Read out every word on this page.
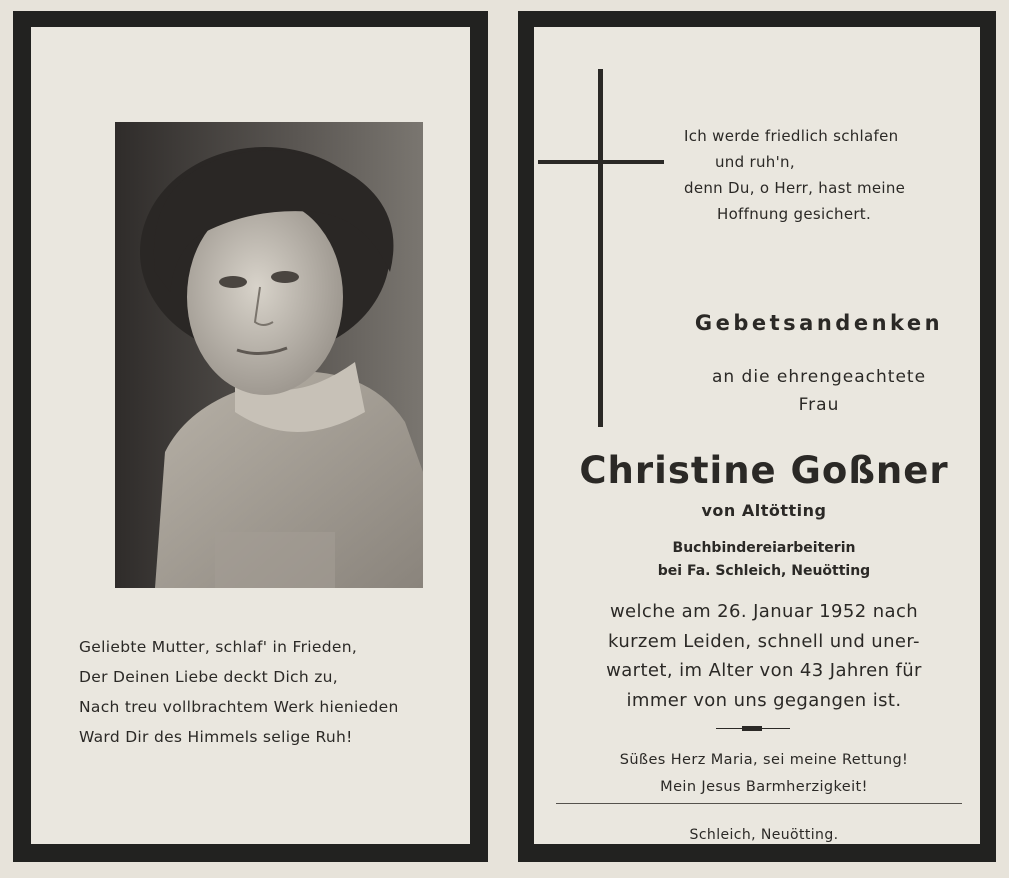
Geliebte Mutter, schlaf' in Frieden,
Der Deinen Liebe deckt Dich zu,
Nach treu vollbrachtem Werk hienieden
Ward Dir des Himmels selige Ruh!
Ich werde friedlich schlafen
und ruh'n,
denn Du, o Herr, hast meine
Hoffnung gesichert.
Gebetsandenken
an die ehrengeachtete
Frau
Christine Goßner
von Altötting
Buchbindereiarbeiterin
bei Fa. Schleich, Neuötting
welche am 26. Januar 1952 nach
kurzem Leiden, schnell und uner-
wartet, im Alter von 43 Jahren für
immer von uns gegangen ist.
Süßes Herz Maria, sei meine Rettung!
Mein Jesus Barmherzigkeit!
Schleich, Neuötting.
